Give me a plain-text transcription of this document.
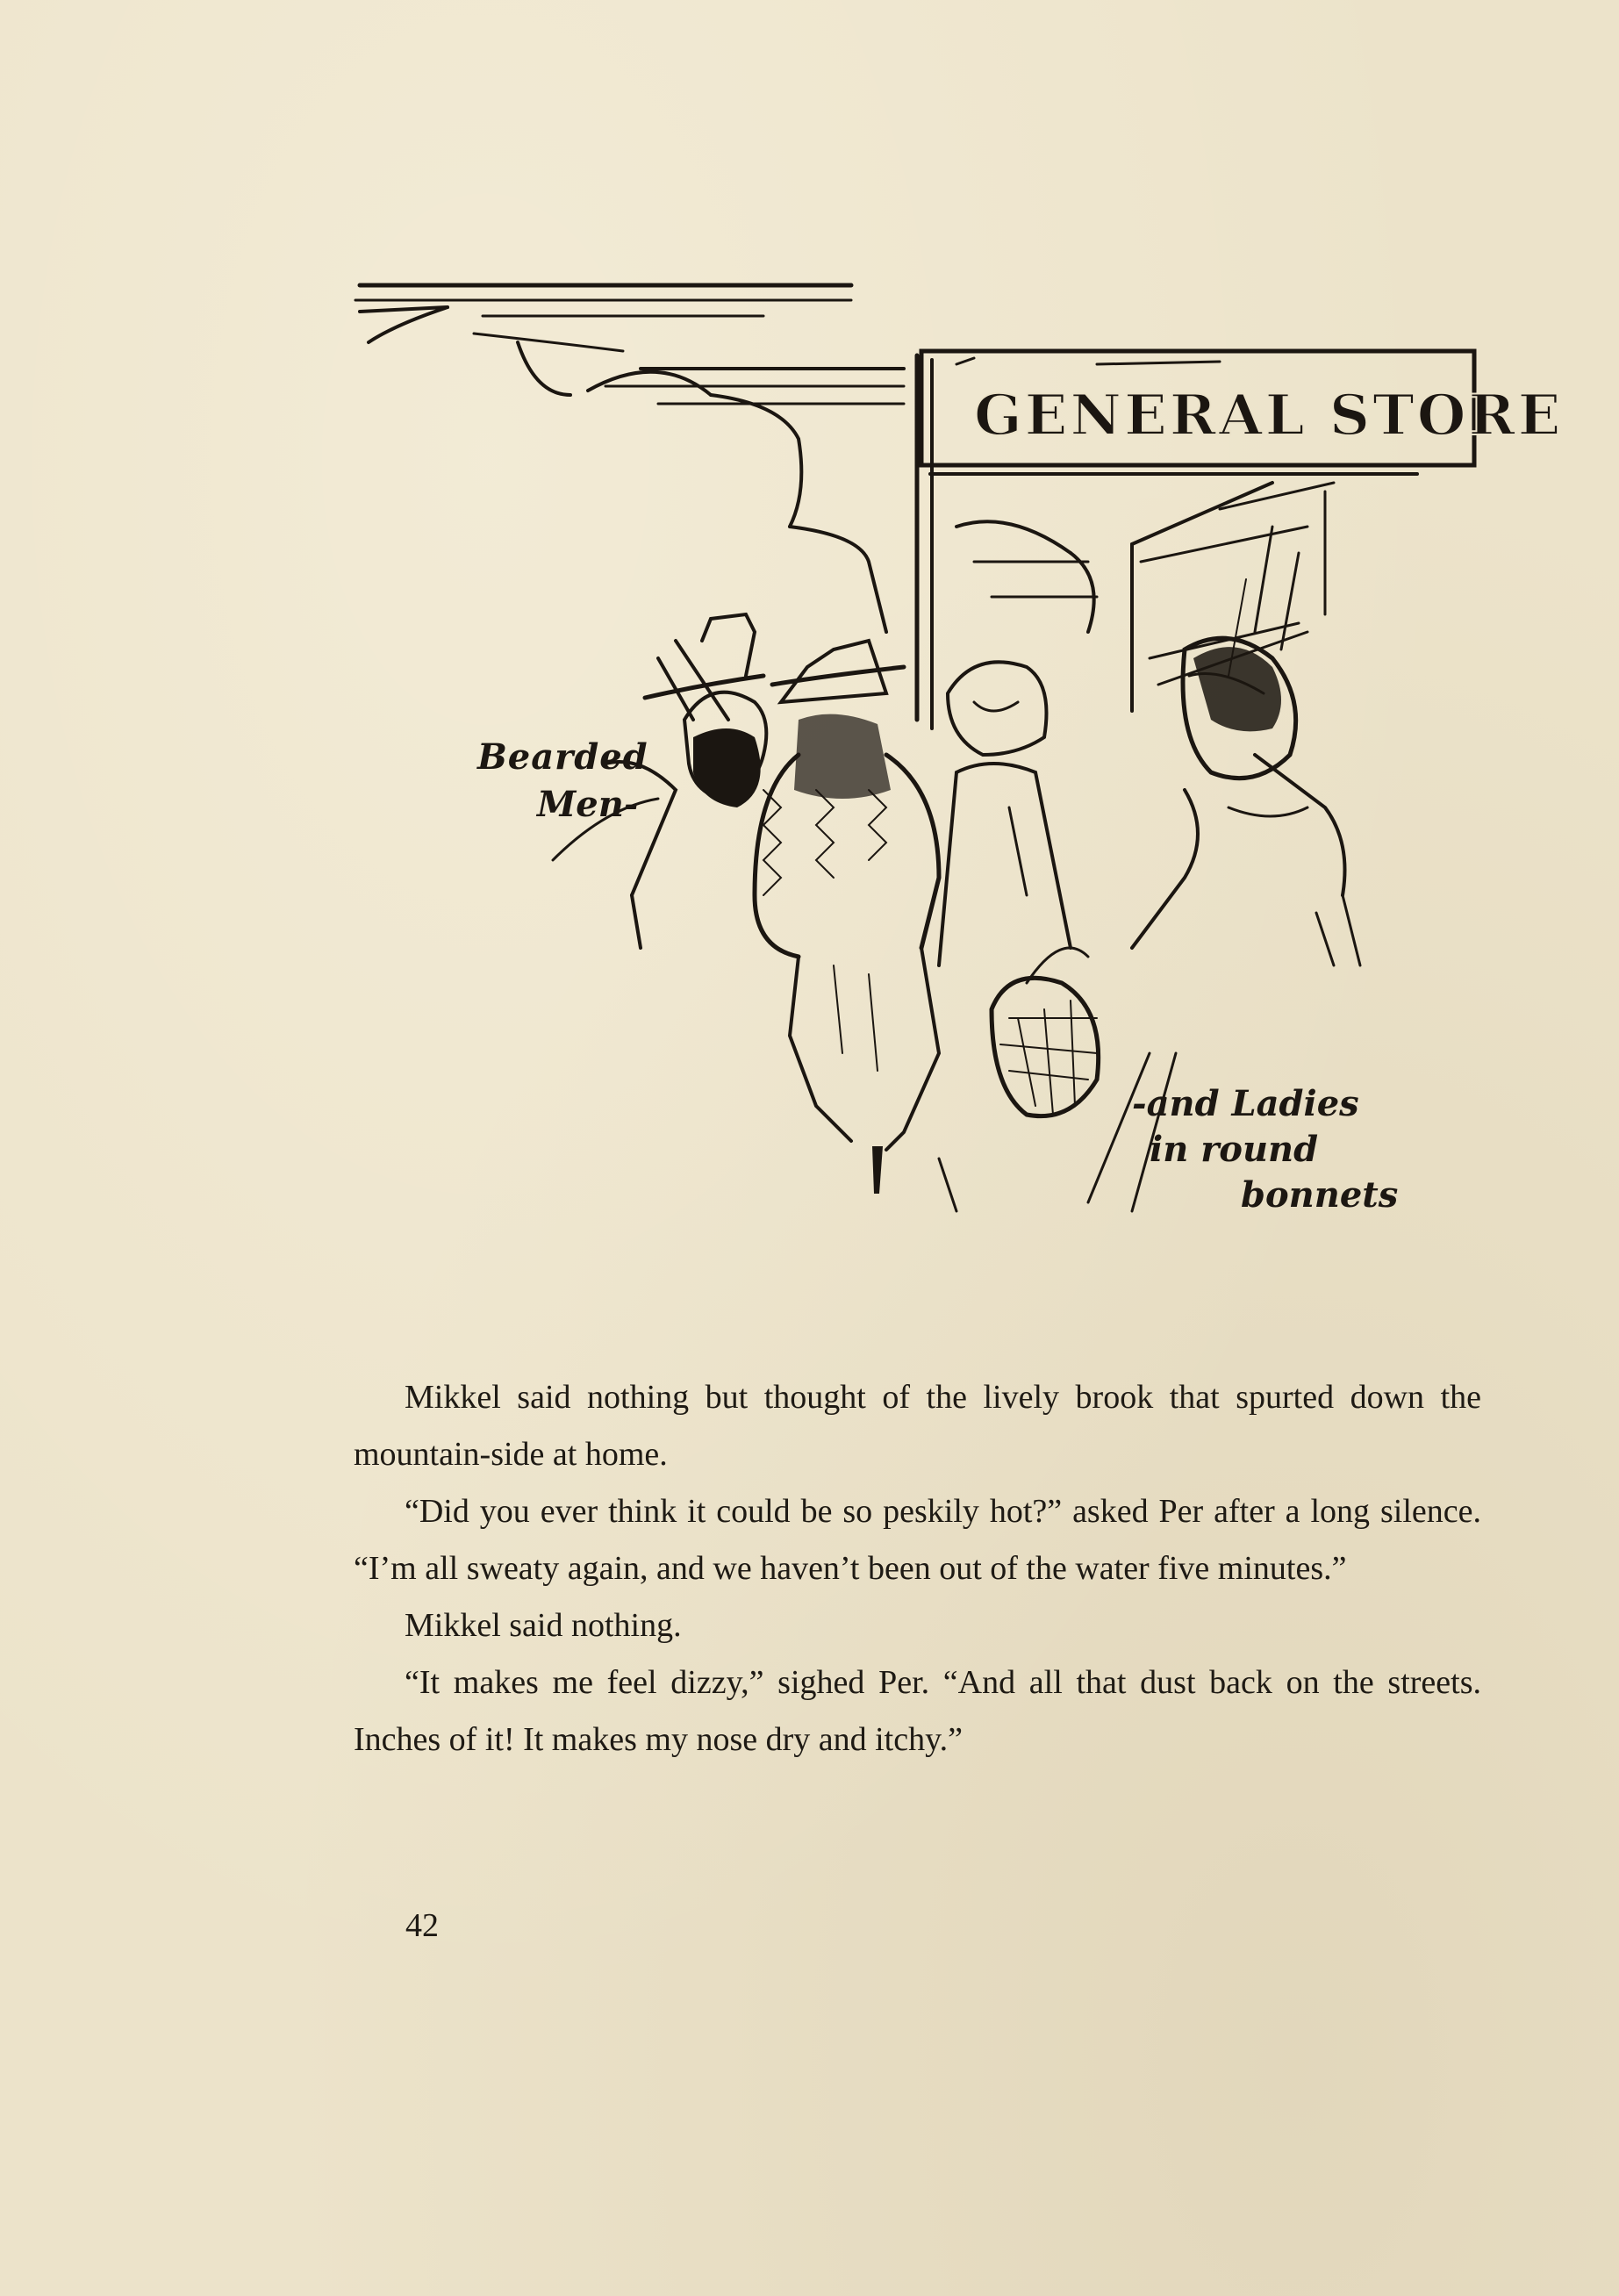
GENERAL STORE
Bearded
Men-
-and Ladies
in round
bonnets

Mikkel said nothing but thought of the lively brook that spurted down the mountain-side at home.

“Did you ever think it could be so peskily hot?” asked Per after a long silence. “I’m all sweaty again, and we haven’t been out of the water five minutes.”

Mikkel said nothing.

“It makes me feel dizzy,” sighed Per. “And all that dust back on the streets. Inches of it! It makes my nose dry and itchy.”

42
